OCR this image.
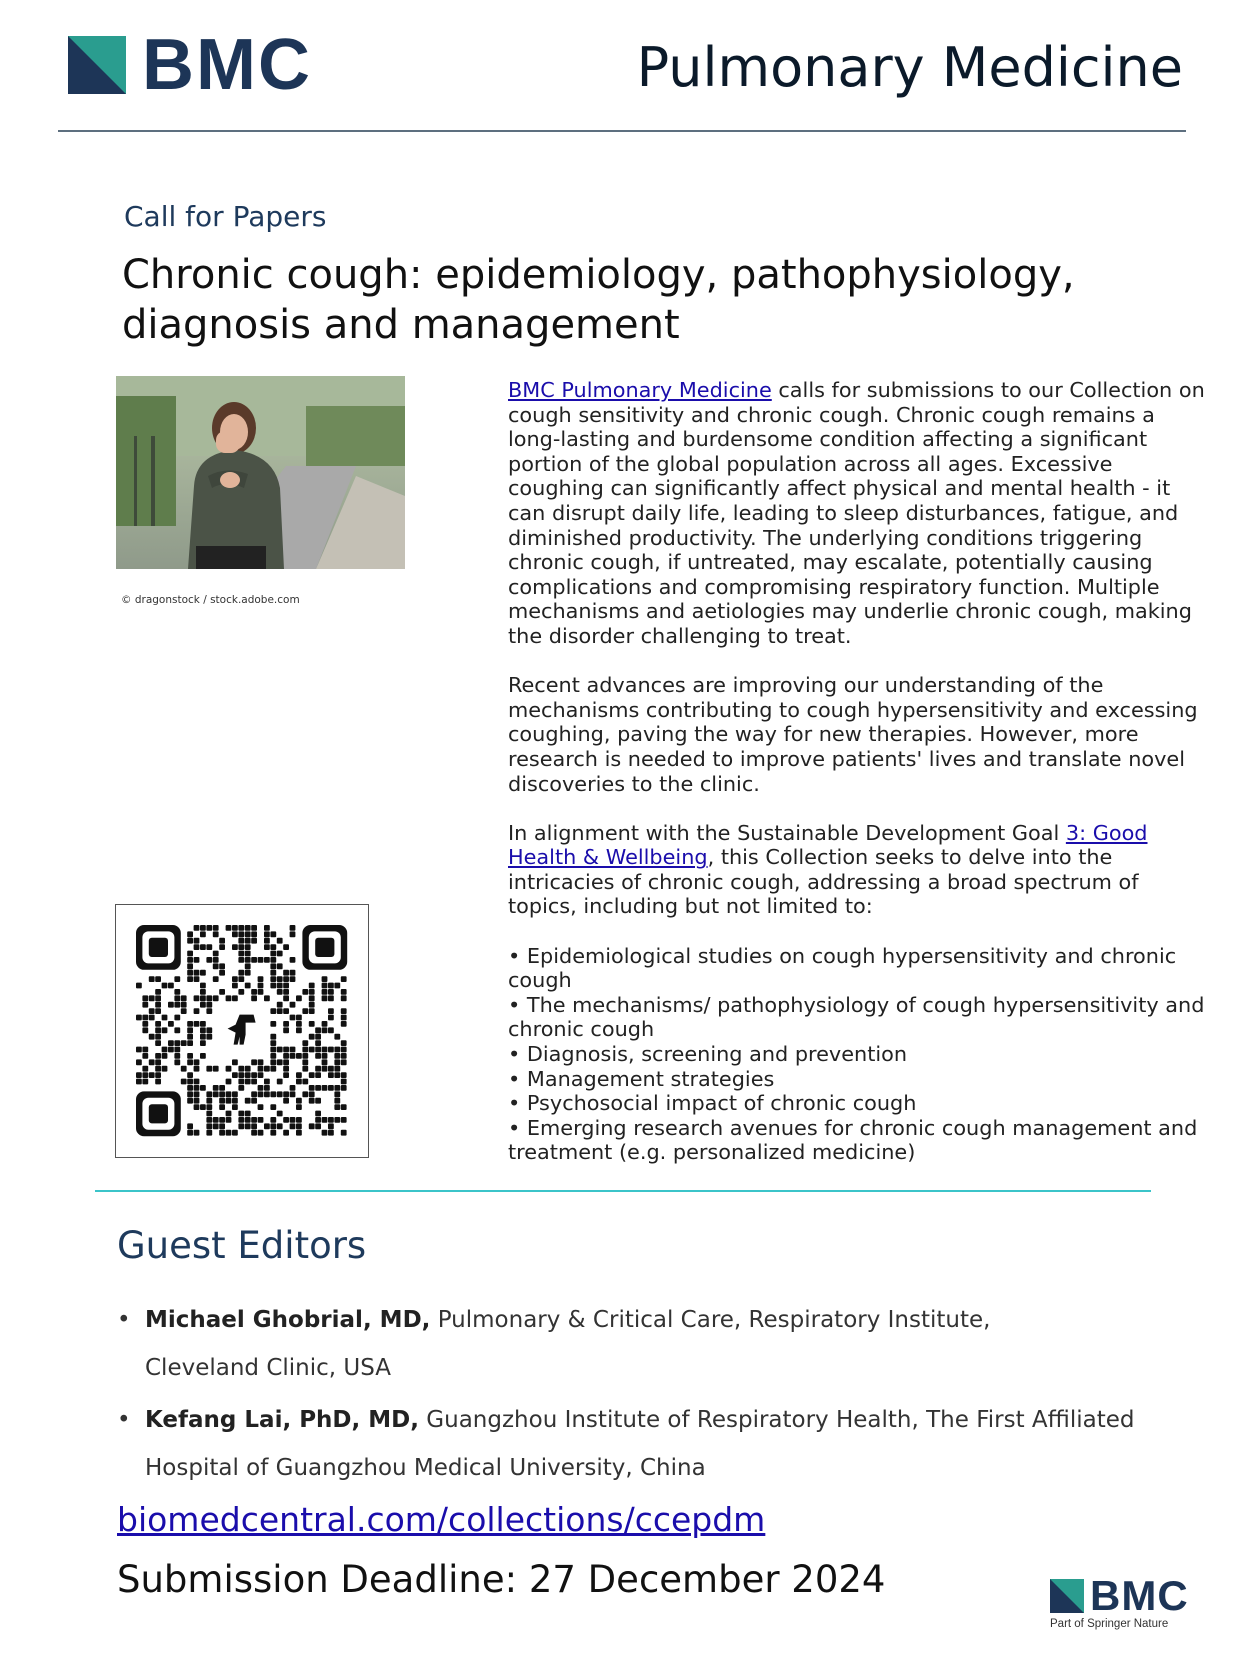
BMC	Pulmonary Medicine
Call for Papers
Chronic cough: epidemiology, pathophysiology, diagnosis and management
© dragonstock / stock.adobe.com

BMC Pulmonary Medicine calls for submissions to our Collection on cough sensitivity and chronic cough. Chronic cough remains a long-lasting and burdensome condition affecting a significant portion of the global population across all ages. Excessive coughing can significantly affect physical and mental health - it can disrupt daily life, leading to sleep disturbances, fatigue, and diminished productivity. The underlying conditions triggering chronic cough, if untreated, may escalate, potentially causing complications and compromising respiratory function. Multiple mechanisms and aetiologies may underlie chronic cough, making the disorder challenging to treat.

Recent advances are improving our understanding of the mechanisms contributing to cough hypersensitivity and excessing coughing, paving the way for new therapies. However, more research is needed to improve patients' lives and translate novel discoveries to the clinic.

In alignment with the Sustainable Development Goal 3: Good Health & Wellbeing, this Collection seeks to delve into the intricacies of chronic cough, addressing a broad spectrum of topics, including but not limited to:

• Epidemiological studies on cough hypersensitivity and chronic cough
• The mechanisms/ pathophysiology of cough hypersensitivity and chronic cough
• Diagnosis, screening and prevention
• Management strategies
• Psychosocial impact of chronic cough
• Emerging research avenues for chronic cough management and treatment (e.g. personalized medicine)
Guest Editors
• Michael Ghobrial, MD, Pulmonary & Critical Care, Respiratory Institute,
Cleveland Clinic, USA
• Kefang Lai, PhD, MD, Guangzhou Institute of Respiratory Health, The First Affiliated
Hospital of Guangzhou Medical University, China
biomedcentral.com/collections/ccepdm
Submission Deadline: 27 December 2024	BMC
Part of Springer Nature
